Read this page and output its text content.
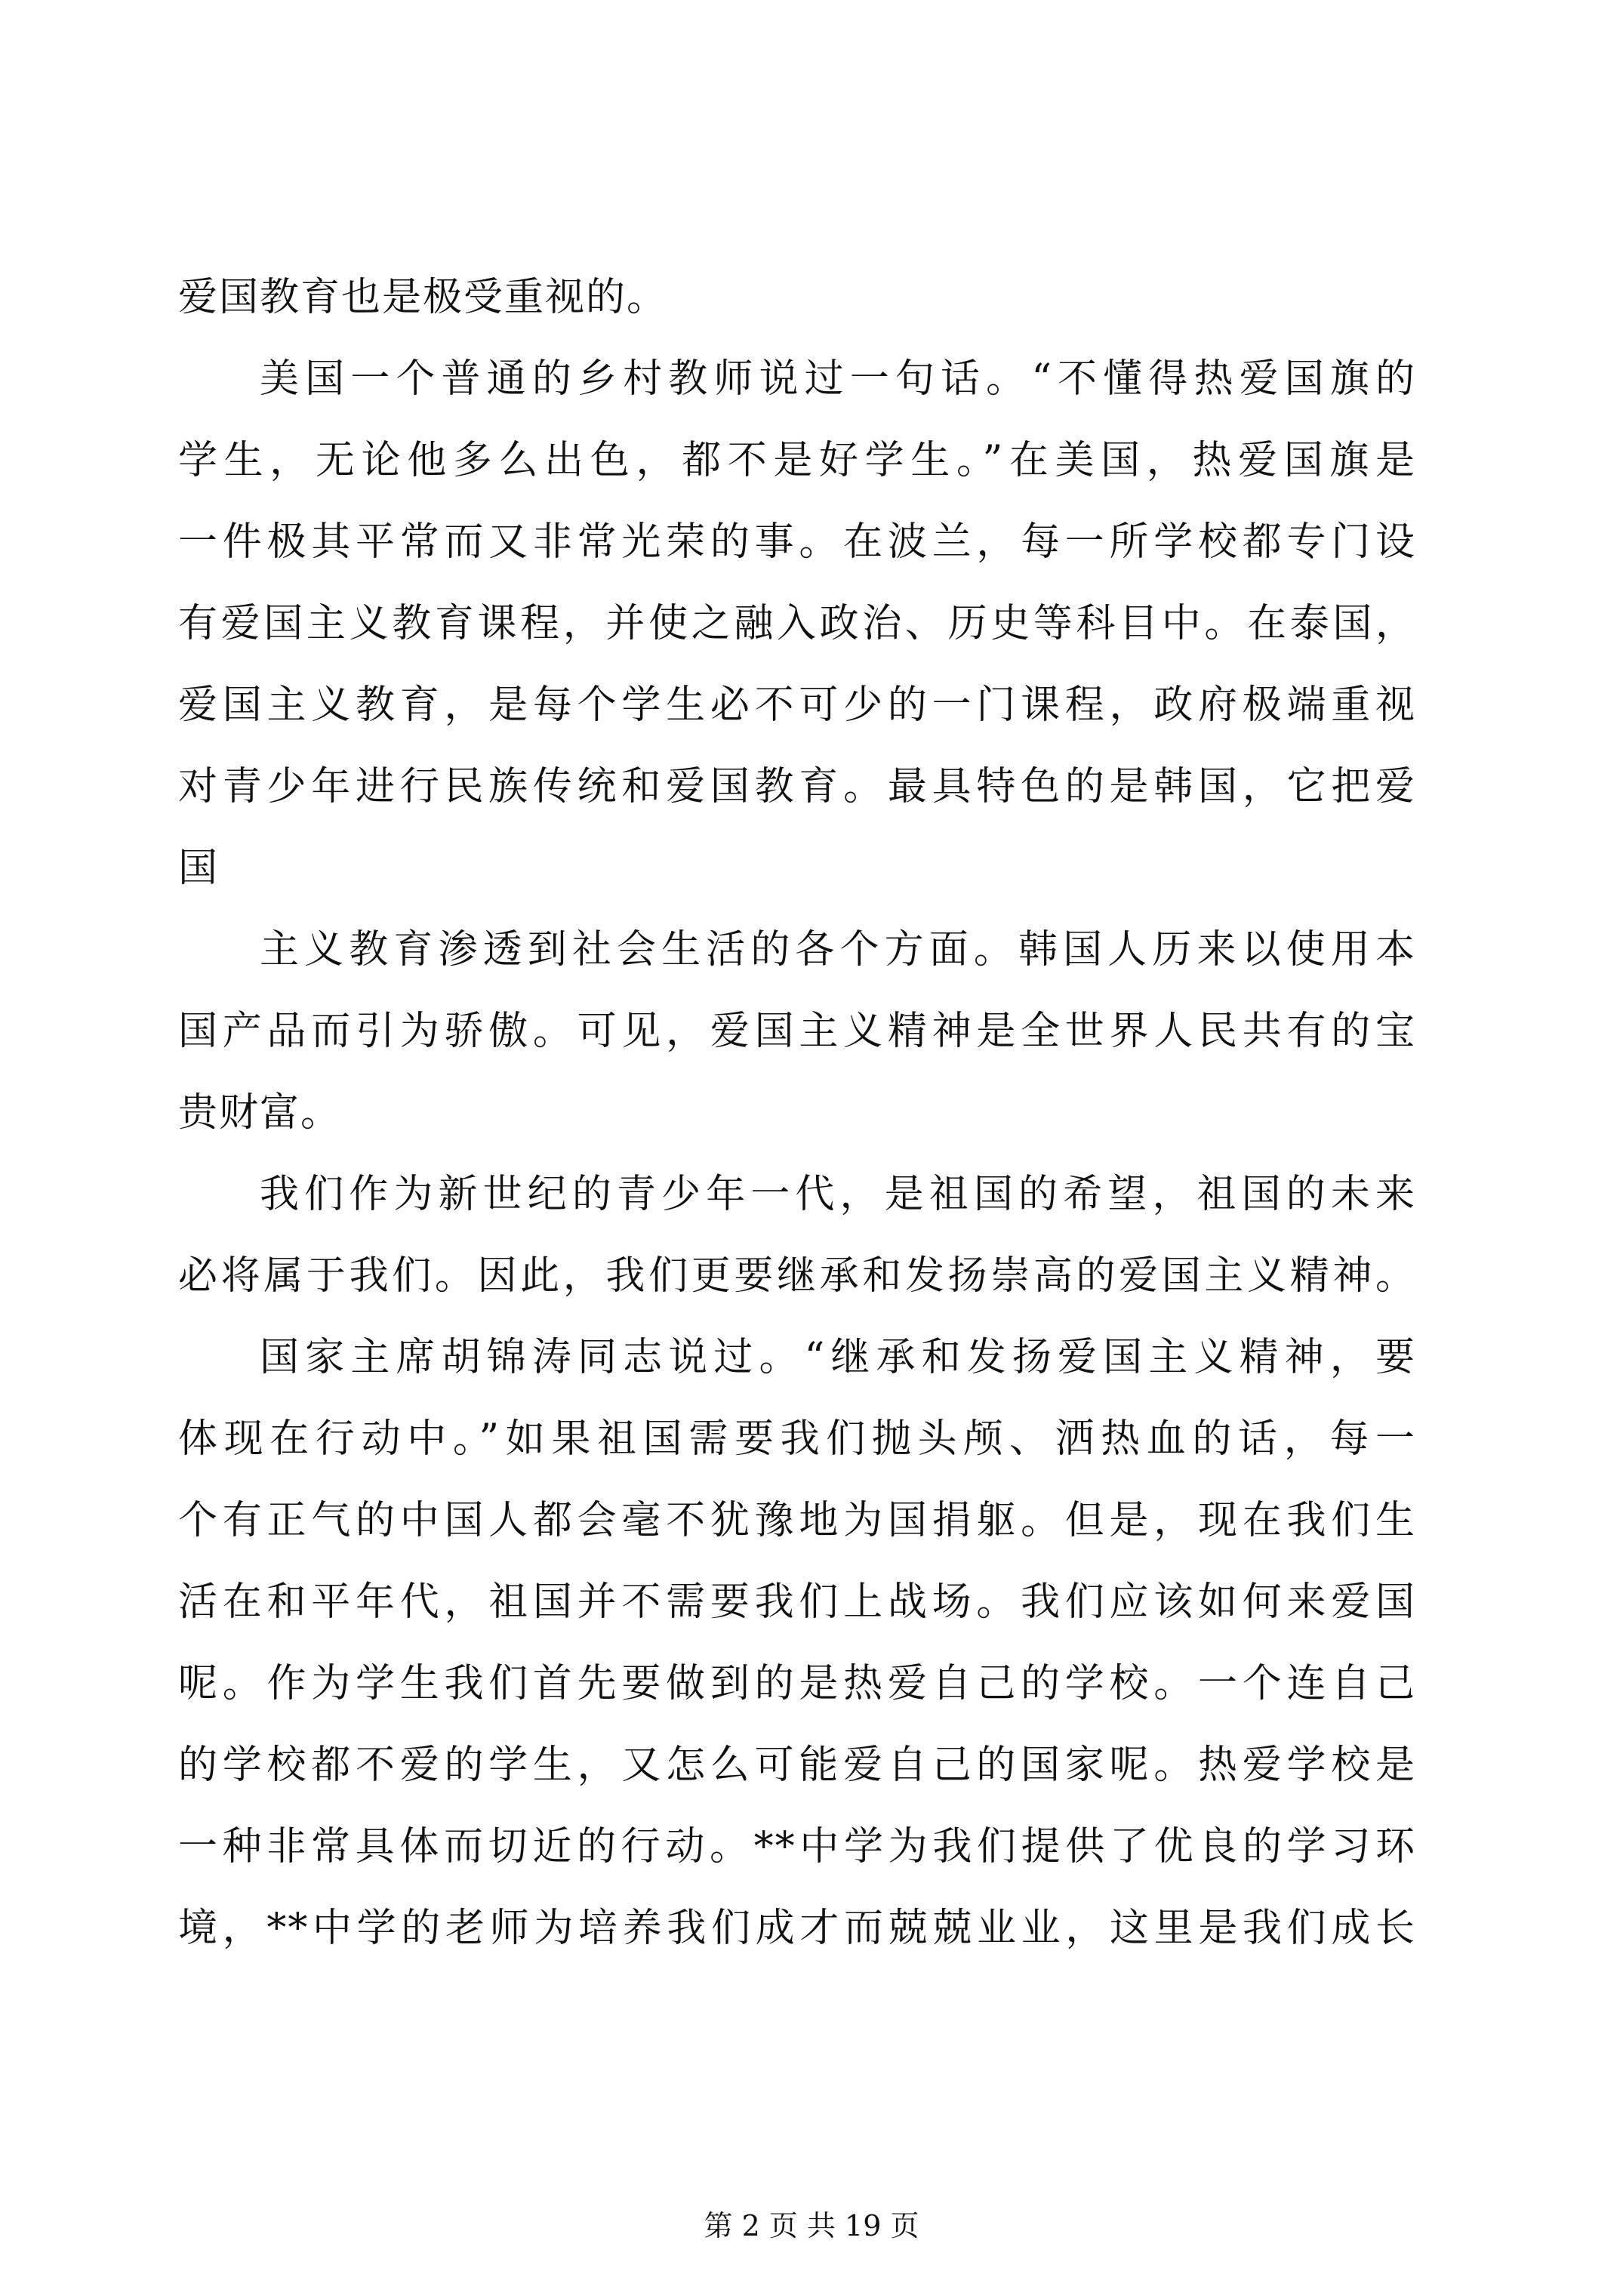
爱国教育也是极受重视的。
美国一个普通的乡村教师说过一句话。“不懂得热爱国旗的
学生，无论他多么出色，都不是好学生。”在美国，热爱国旗是
一件极其平常而又非常光荣的事。在波兰，每一所学校都专门设
有爱国主义教育课程，并使之融入政治、历史等科目中。在泰国，
爱国主义教育，是每个学生必不可少的一门课程，政府极端重视
对青少年进行民族传统和爱国教育。最具特色的是韩国，它把爱
国
主义教育渗透到社会生活的各个方面。韩国人历来以使用本
国产品而引为骄傲。可见，爱国主义精神是全世界人民共有的宝
贵财富。
我们作为新世纪的青少年一代，是祖国的希望，祖国的未来
必将属于我们。因此，我们更要继承和发扬崇高的爱国主义精神。
国家主席胡锦涛同志说过。“继承和发扬爱国主义精神，要
体现在行动中。”如果祖国需要我们抛头颅、洒热血的话，每一
个有正气的中国人都会毫不犹豫地为国捐躯。但是，现在我们生
活在和平年代，祖国并不需要我们上战场。我们应该如何来爱国
呢。作为学生我们首先要做到的是热爱自己的学校。一个连自己
的学校都不爱的学生，又怎么可能爱自己的国家呢。热爱学校是
一种非常具体而切近的行动。**中学为我们提供了优良的学习环
境，**中学的老师为培养我们成才而兢兢业业，这里是我们成长
第 2 页 共 19 页
